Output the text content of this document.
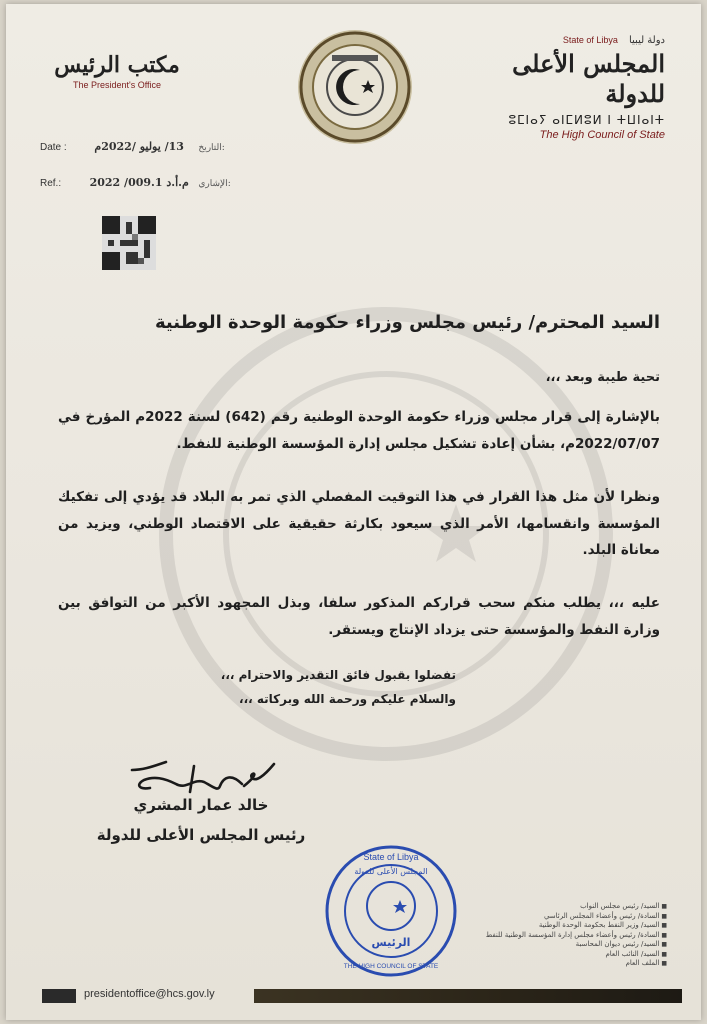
State of Libya دولة ليبيا
المجلس الأعلى للدولة
ⵓⵎⵏⴰⵢ ⴰⵏⵎⵍⵓⵍ ⵏ ⵜⵡⵏⴰⵏⵜ
The High Council of State
مكتب الرئيس
The President's Office
Date :	13/ يوليو /2022م التاريخ:
Ref.:	م.أ.د 009.1/ 2022 الإشاري:
السيد المحترم/ رئيس مجلس وزراء حكومة الوحدة الوطنية
تحية طيبة وبعد ،،،
بالإشارة إلى قرار مجلس وزراء حكومة الوحدة الوطنية رقم (642) لسنة 2022م المؤرخ في 2022/07/07م، بشأن إعادة تشكيل مجلس إدارة المؤسسة الوطنية للنفط.
ونظرا لأن مثل هذا القرار في هذا التوقيت المفصلي الذي تمر به البلاد قد يؤدي إلى تفكيك المؤسسة وانقسامها، الأمر الذي سيعود بكارثة حقيقية على الاقتصاد الوطني، ويزيد من معاناة البلد.
عليه ،،، يطلب منكم سحب قراركم المذكور سلفا، وبذل المجهود الأكبر من التوافق بين وزارة النفط والمؤسسة حتى يزداد الإنتاج ويستقر.
تفضلوا بقبول فائق التقدير والاحترام ،،،
والسلام عليكم ورحمة الله وبركاته ،،،
خالد عمار المشري
رئيس المجلس الأعلى للدولة
State of Libya
المجلس الأعلى للدولة
الرئيس
THE HIGH COUNCIL OF STATE
■ السيد/ رئيس مجلس النواب
■ السادة/ رئيس وأعضاء المجلس الرئاسي
■ السيد/ وزير النفط بحكومة الوحدة الوطنية
■ السادة/ رئيس وأعضاء مجلس إدارة المؤسسة الوطنية للنفط
■ السيد/ رئيس ديوان المحاسبة
■ السيد/ النائب العام
■ الملف العام
presidentoffice@hcs.gov.ly
